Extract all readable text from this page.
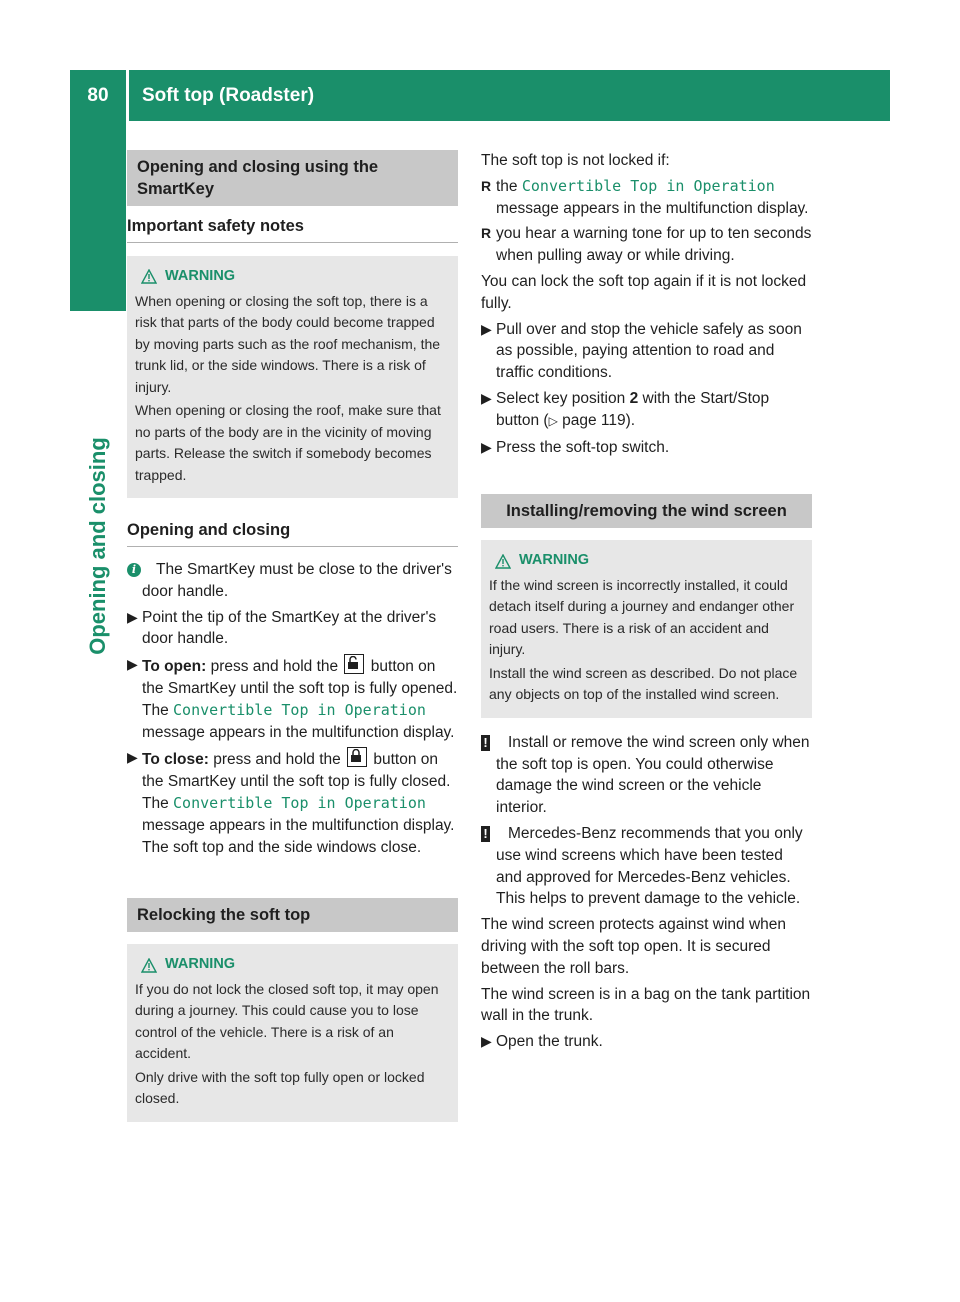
80	Soft top (Roadster)
Opening and closing
Opening and closing using the SmartKey
Important safety notes
WARNING

When opening or closing the soft top, there is a risk that parts of the body could become trapped by moving parts such as the roof mechanism, the trunk lid, or the side windows. There is a risk of injury.

When opening or closing the roof, make sure that no parts of the body are in the vicinity of moving parts. Release the switch if somebody becomes trapped.

Opening and closing
i	The SmartKey must be close to the driver's door handle.
▶ Point the tip of the SmartKey at the driver's door handle.
▶ To open: press and hold the button on the SmartKey until the soft top is fully opened.
The Convertible Top in Operation
message appears in the multifunction display.
▶ To close: press and hold the button on the SmartKey until the soft top is fully closed.
The Convertible Top in Operation
message appears in the multifunction display. The soft top and the side windows close.
Relocking the soft top
WARNING

If you do not lock the closed soft top, it may open during a journey. This could cause you to lose control of the vehicle. There is a risk of an accident.

Only drive with the soft top fully open or locked closed.

The soft top is not locked if:

R the Convertible Top in Operation
message appears in the multifunction display.
R you hear a warning tone for up to ten seconds when pulling away or while driving.

You can lock the soft top again if it is not locked fully.

▶ Pull over and stop the vehicle safely as soon as possible, paying attention to road and traffic conditions.
▶ Select key position 2 with the Start/Stop button (▷ page 119).
▶ Press the soft-top switch.
Installing/removing the wind screen
WARNING

If the wind screen is incorrectly installed, it could detach itself during a journey and endanger other road users. There is a risk of an accident and injury.

Install the wind screen as described. Do not place any objects on top of the installed wind screen.

! Install or remove the wind screen only when the soft top is open. You could otherwise damage the wind screen or the vehicle interior.
! Mercedes-Benz recommends that you only use wind screens which have been tested and approved for Mercedes-Benz vehicles. This helps to prevent damage to the vehicle.

The wind screen protects against wind when driving with the soft top open. It is secured between the roll bars.

The wind screen is in a bag on the tank partition wall in the trunk.

▶ Open the trunk.
